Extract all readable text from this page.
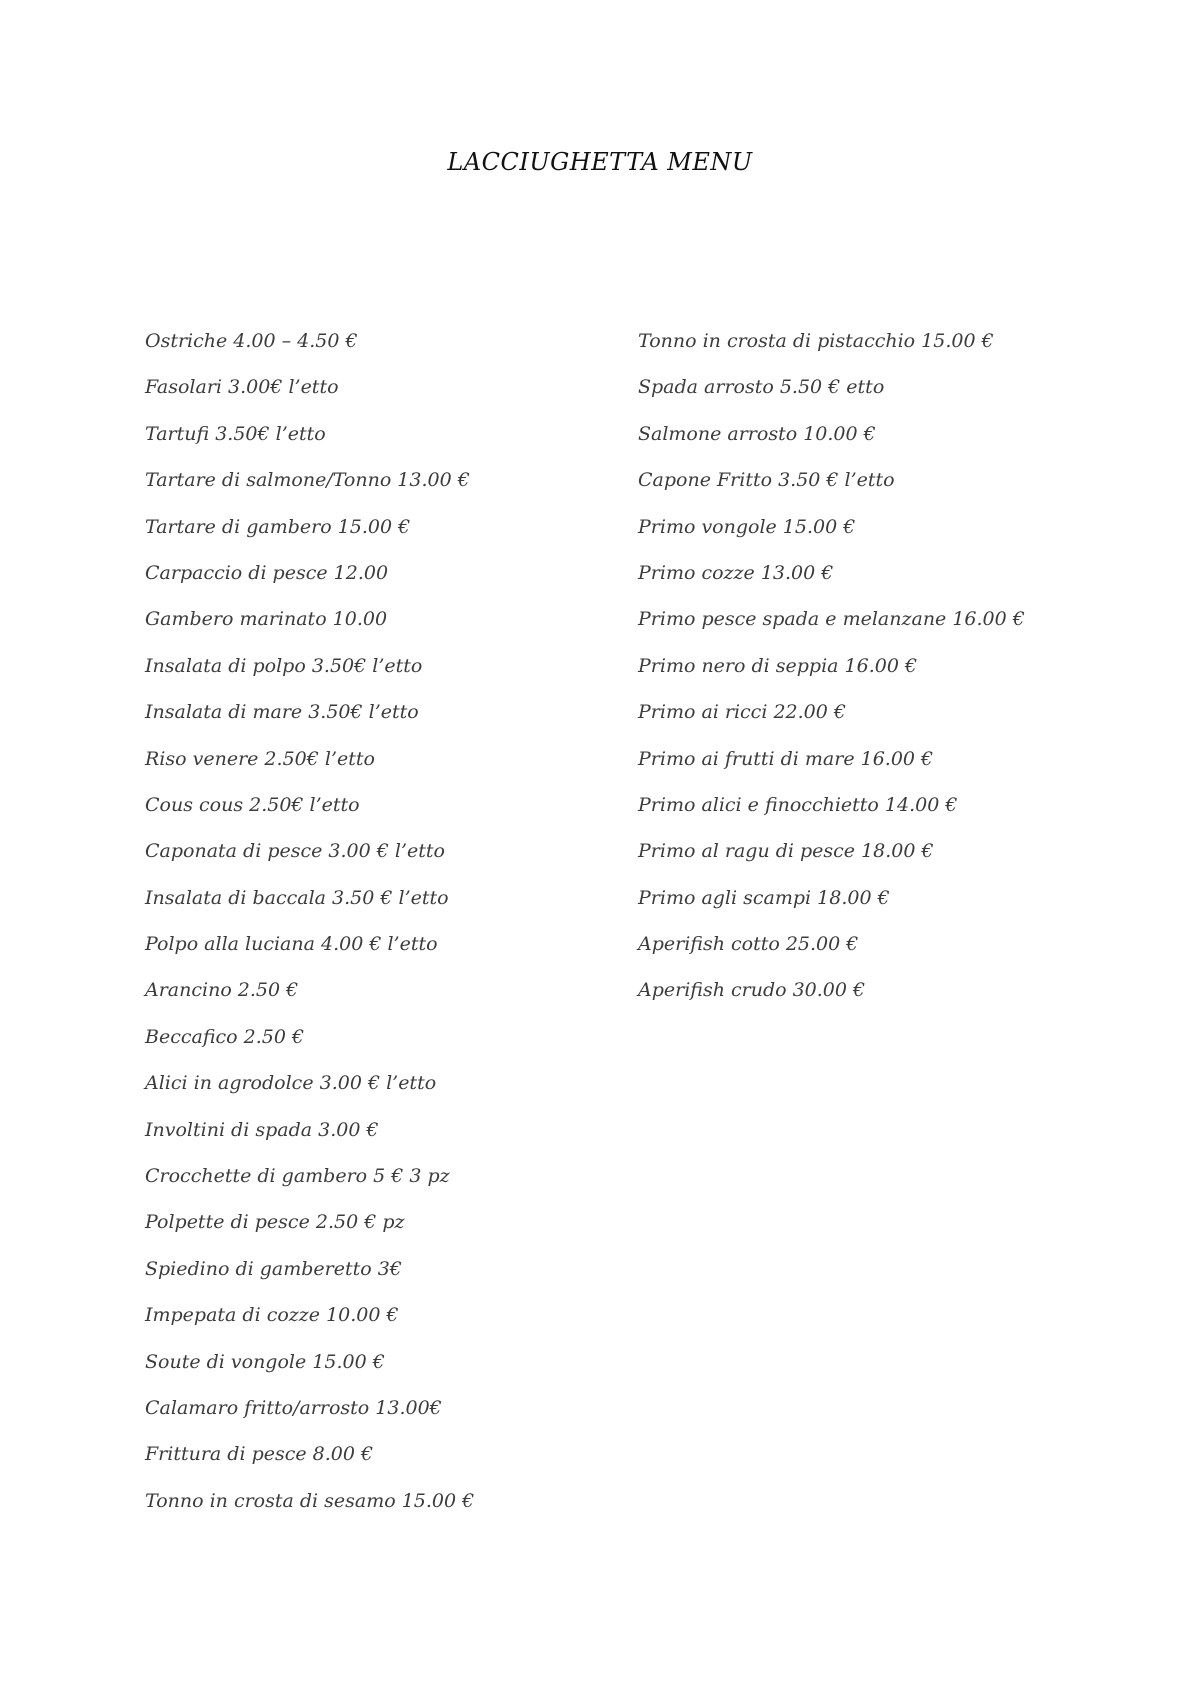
LACCIUGHETTA MENU
Ostriche 4.00 – 4.50 €
Fasolari 3.00€ l’etto
Tartufi 3.50€ l’etto
Tartare di salmone/Tonno 13.00 €
Tartare di gambero 15.00 €
Carpaccio di pesce 12.00
Gambero marinato 10.00
Insalata di polpo 3.50€ l’etto
Insalata di mare 3.50€ l’etto
Riso venere 2.50€ l’etto
Cous cous 2.50€ l’etto
Caponata di pesce 3.00 € l’etto
Insalata di baccala 3.50 € l’etto
Polpo alla luciana 4.00 € l’etto
Arancino 2.50 €
Beccafico 2.50 €
Alici in agrodolce 3.00 € l’etto
Involtini di spada 3.00 €
Crocchette di gambero 5 € 3 pz
Polpette di pesce 2.50 € pz
Spiedino di gamberetto 3€
Impepata di cozze 10.00 €
Soute di vongole 15.00 €
Calamaro fritto/arrosto 13.00€
Frittura di pesce 8.00 €
Tonno in crosta di sesamo 15.00 €
Tonno in crosta di pistacchio 15.00 €
Spada arrosto 5.50 € etto
Salmone arrosto 10.00 €
Capone Fritto 3.50 € l’etto
Primo vongole 15.00 €
Primo cozze 13.00 €
Primo pesce spada e melanzane 16.00 €
Primo nero di seppia 16.00 €
Primo ai ricci 22.00 €
Primo ai frutti di mare 16.00 €
Primo alici e finocchietto 14.00 €
Primo al ragu di pesce 18.00 €
Primo agli scampi 18.00 €
Aperifish cotto 25.00 €
Aperifish crudo 30.00 €
